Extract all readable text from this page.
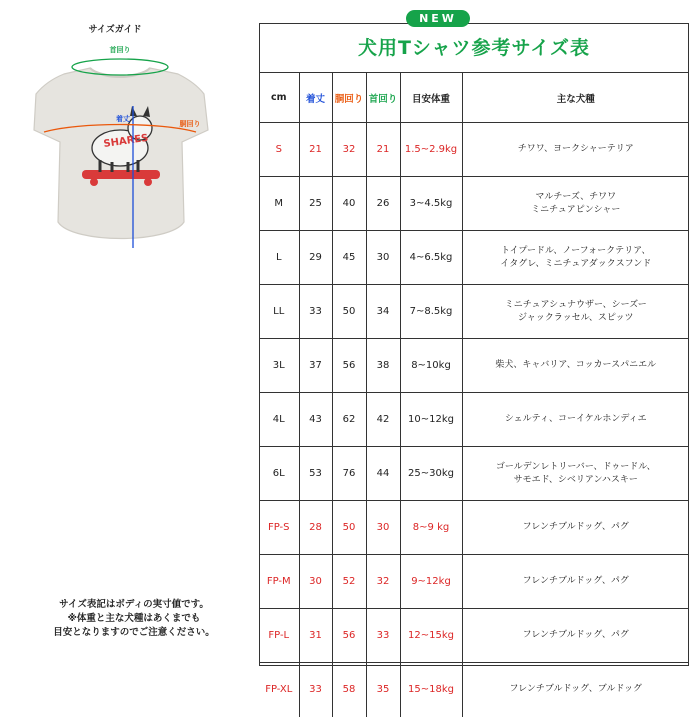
サイズガイド
首回り
SHARES
着丈
胴回り
サイズ表記はボディの実寸値です。
※体重と主な犬種はあくまでも
目安となりますのでご注意ください。
NEW
犬用Tシャツ参考サイズ表
cm	着丈	胴回り	首回り	目安体重	主な犬種
S	21	32	21	1.5~2.9kg	チワワ、ヨークシャーテリア

M	25	40	26	3~4.5kg	マルチーズ、チワワ
ミニチュアピンシャー

L	29	45	30	4~6.5kg	トイプードル、ノーフォークテリア、
イタグレ、ミニチュアダックスフンド

LL	33	50	34	7~8.5kg	ミニチュアシュナウザー、シーズー
ジャックラッセル、スピッツ

3L	37	56	38	8~10kg	柴犬、キャバリア、コッカースパニエル

4L	43	62	42	10~12kg	シェルティ、コーイケルホンディエ

6L	53	76	44	25~30kg	ゴールデンレトリーバー、ドゥードル、
サモエド、シベリアンハスキー

FP-S	28	50	30	8~9 kg	フレンチブルドッグ、パグ

FP-M	30	52	32	9~12kg	フレンチブルドッグ、パグ

FP-L	31	56	33	12~15kg	フレンチブルドッグ、パグ

FP-XL	33	58	35	15~18kg	フレンチブルドッグ、ブルドッグ
